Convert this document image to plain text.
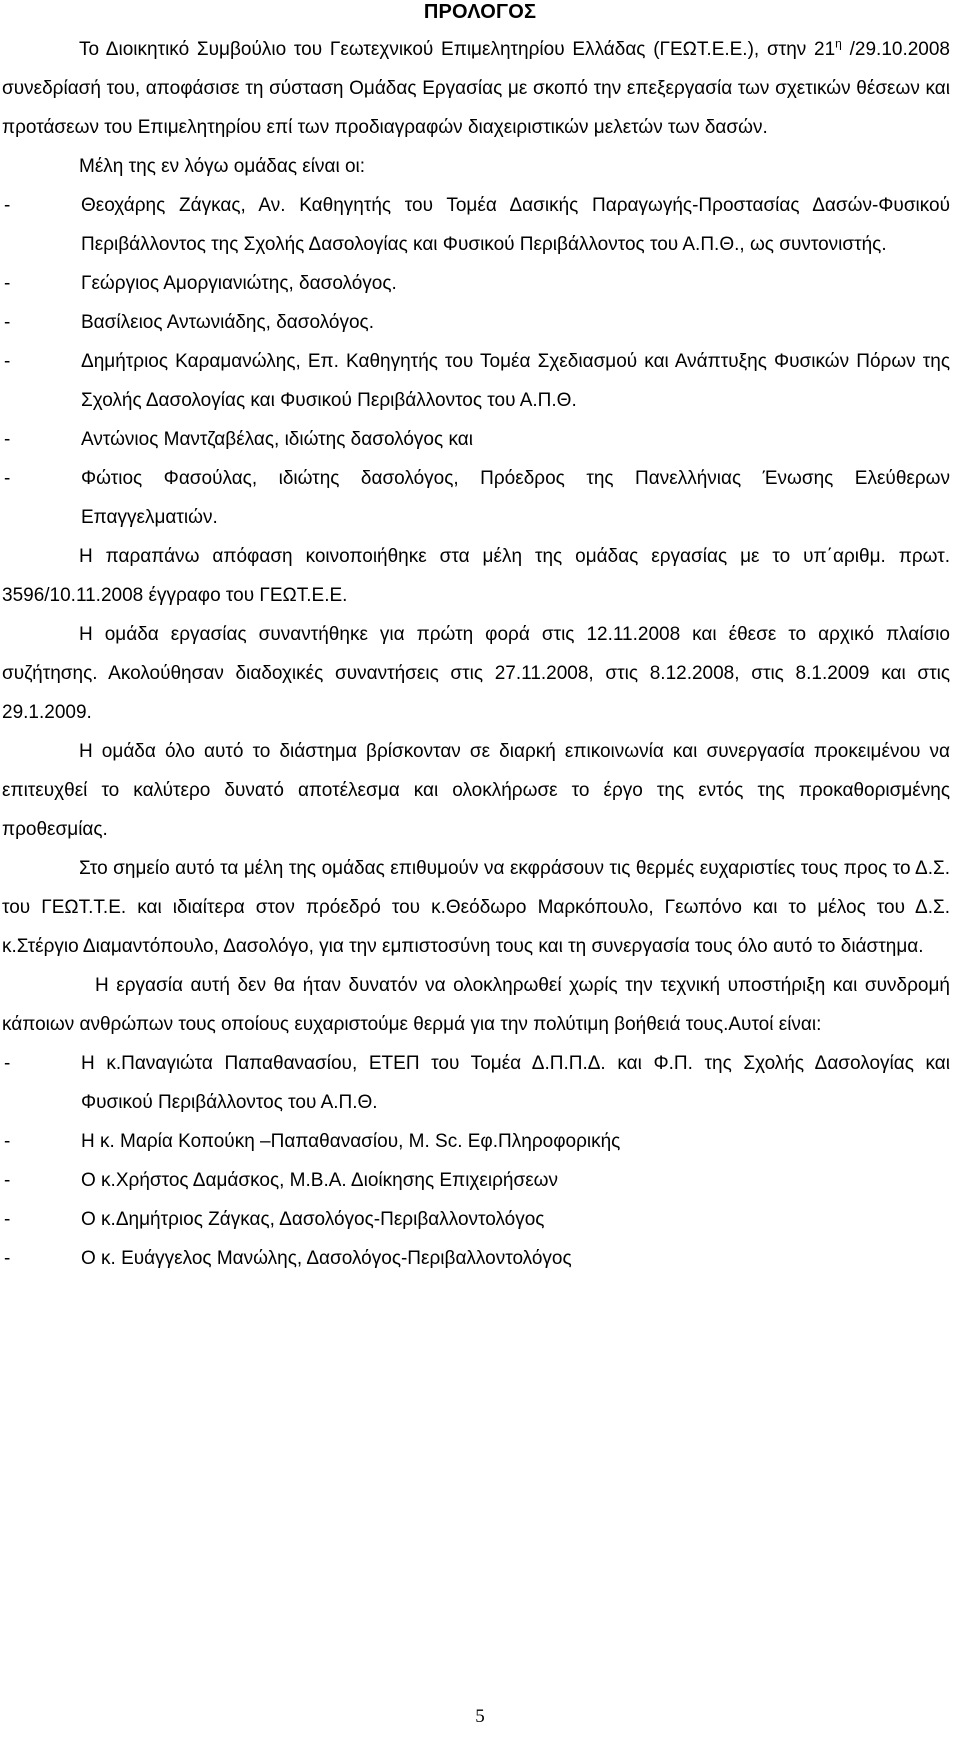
ΠΡΟΛΟΓΟΣ

Το Διοικητικό Συμβούλιο του Γεωτεχνικού Επιμελητηρίου Ελλάδας (ΓΕΩΤ.Ε.Ε.), στην $21^\eta$ /29.10.2008 συνεδρίασή του, αποφάσισε τη σύσταση Ομάδας Εργασίας με σκοπό την επεξεργασία των σχετικών θέσεων και προτάσεων του Επιμελητηρίου επί των προδιαγραφών διαχειριστικών μελετών των δασών.

Μέλη της εν λόγω ομάδας είναι οι:

-	Θεοχάρης Ζάγκας, Αν. Καθηγητής του Τομέα Δασικής Παραγωγής-Προστασίας Δασών-Φυσικού Περιβάλλοντος της Σχολής Δασολογίας και Φυσικού Περιβάλλοντος του Α.Π.Θ., ως συντονιστής.
-	Γεώργιος Αμοργιανιώτης, δασολόγος.
-	Βασίλειος Αντωνιάδης, δασολόγος.
-	Δημήτριος Καραμανώλης, Επ. Καθηγητής του Τομέα Σχεδιασμού και Ανάπτυξης Φυσικών Πόρων της Σχολής Δασολογίας και Φυσικού Περιβάλλοντος του Α.Π.Θ.
-	Αντώνιος Μαντζαβέλας, ιδιώτης δασολόγος και
-	Φώτιος Φασούλας, ιδιώτης δασολόγος, Πρόεδρος της Πανελλήνιας Ένωσης Ελεύθερων Επαγγελματιών.

Η παραπάνω απόφαση κοινοποιήθηκε στα μέλη της ομάδας εργασίας με το υπ΄αριθμ. πρωτ. 3596/10.11.2008 έγγραφο του ΓΕΩΤ.Ε.Ε.

Η ομάδα εργασίας συναντήθηκε για πρώτη φορά στις 12.11.2008 και έθεσε το αρχικό πλαίσιο συζήτησης. Ακολούθησαν διαδοχικές συναντήσεις στις 27.11.2008, στις 8.12.2008, στις 8.1.2009 και στις 29.1.2009.

Η ομάδα όλο αυτό το διάστημα βρίσκονταν σε διαρκή επικοινωνία και συνεργασία προκειμένου να επιτευχθεί το καλύτερο δυνατό αποτέλεσμα και ολοκλήρωσε το έργο της εντός της προκαθορισμένης προθεσμίας.

Στο σημείο αυτό τα μέλη της ομάδας επιθυμούν να εκφράσουν τις θερμές ευχαριστίες τους προς το Δ.Σ. του ΓΕΩΤ.Τ.Ε. και ιδιαίτερα στον πρόεδρό του κ.Θεόδωρο Μαρκόπουλο, Γεωπόνο και το μέλος του Δ.Σ. κ.Στέργιο Διαμαντόπουλο, Δασολόγο, για την εμπιστοσύνη τους και τη συνεργασία τους όλο αυτό το διάστημα.

Η εργασία αυτή δεν θα ήταν δυνατόν να ολοκληρωθεί χωρίς την τεχνική υποστήριξη και συνδρομή κάποιων ανθρώπων τους οποίους ευχαριστούμε θερμά για την πολύτιμη βοήθειά τους.Αυτοί είναι:

-	Η κ.Παναγιώτα Παπαθανασίου, ΕΤΕΠ του Τομέα Δ.Π.Π.Δ. και Φ.Π. της Σχολής Δασολογίας και Φυσικού Περιβάλλοντος του Α.Π.Θ.
-	Η κ. Μαρία Κοπούκη –Παπαθανασίου, M. Sc. Εφ.Πληροφορικής
-	Ο κ.Χρήστος Δαμάσκος, Μ.Β.Α. Διοίκησης Επιχειρήσεων
-	Ο κ.Δημήτριος Ζάγκας, Δασολόγος-Περιβαλλοντολόγος
-	Ο κ. Ευάγγελος Μανώλης, Δασολόγος-Περιβαλλοντολόγος
5
